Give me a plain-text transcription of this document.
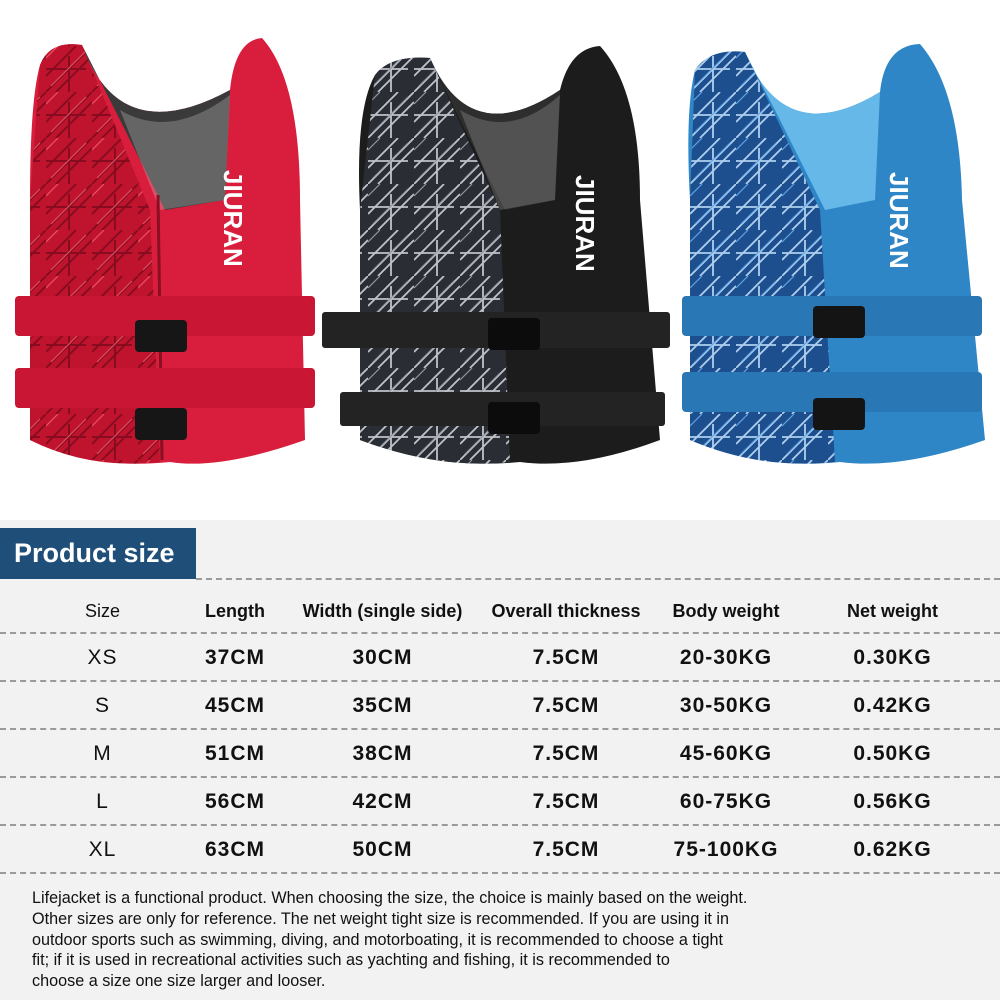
JIURAN	JIURAN	JIURAN
Product size
Size	Length	Width (single side)	Overall thickness	Body weight	Net weight
XS	37CM	30CM	7.5CM	20-30KG	0.30KG
S	45CM	35CM	7.5CM	30-50KG	0.42KG
M	51CM	38CM	7.5CM	45-60KG	0.50KG
L	56CM	42CM	7.5CM	60-75KG	0.56KG
XL	63CM	50CM	7.5CM	75-100KG	0.62KG
Lifejacket is a functional product. When choosing the size, the choice is mainly based on the weight.
Other sizes are only for reference. The net weight tight size is recommended. If you are using it in
outdoor sports such as swimming, diving, and motorboating, it is recommended to choose a tight
fit; if it is used in recreational activities such as yachting and fishing, it is recommended to
choose a size one size larger and looser.
